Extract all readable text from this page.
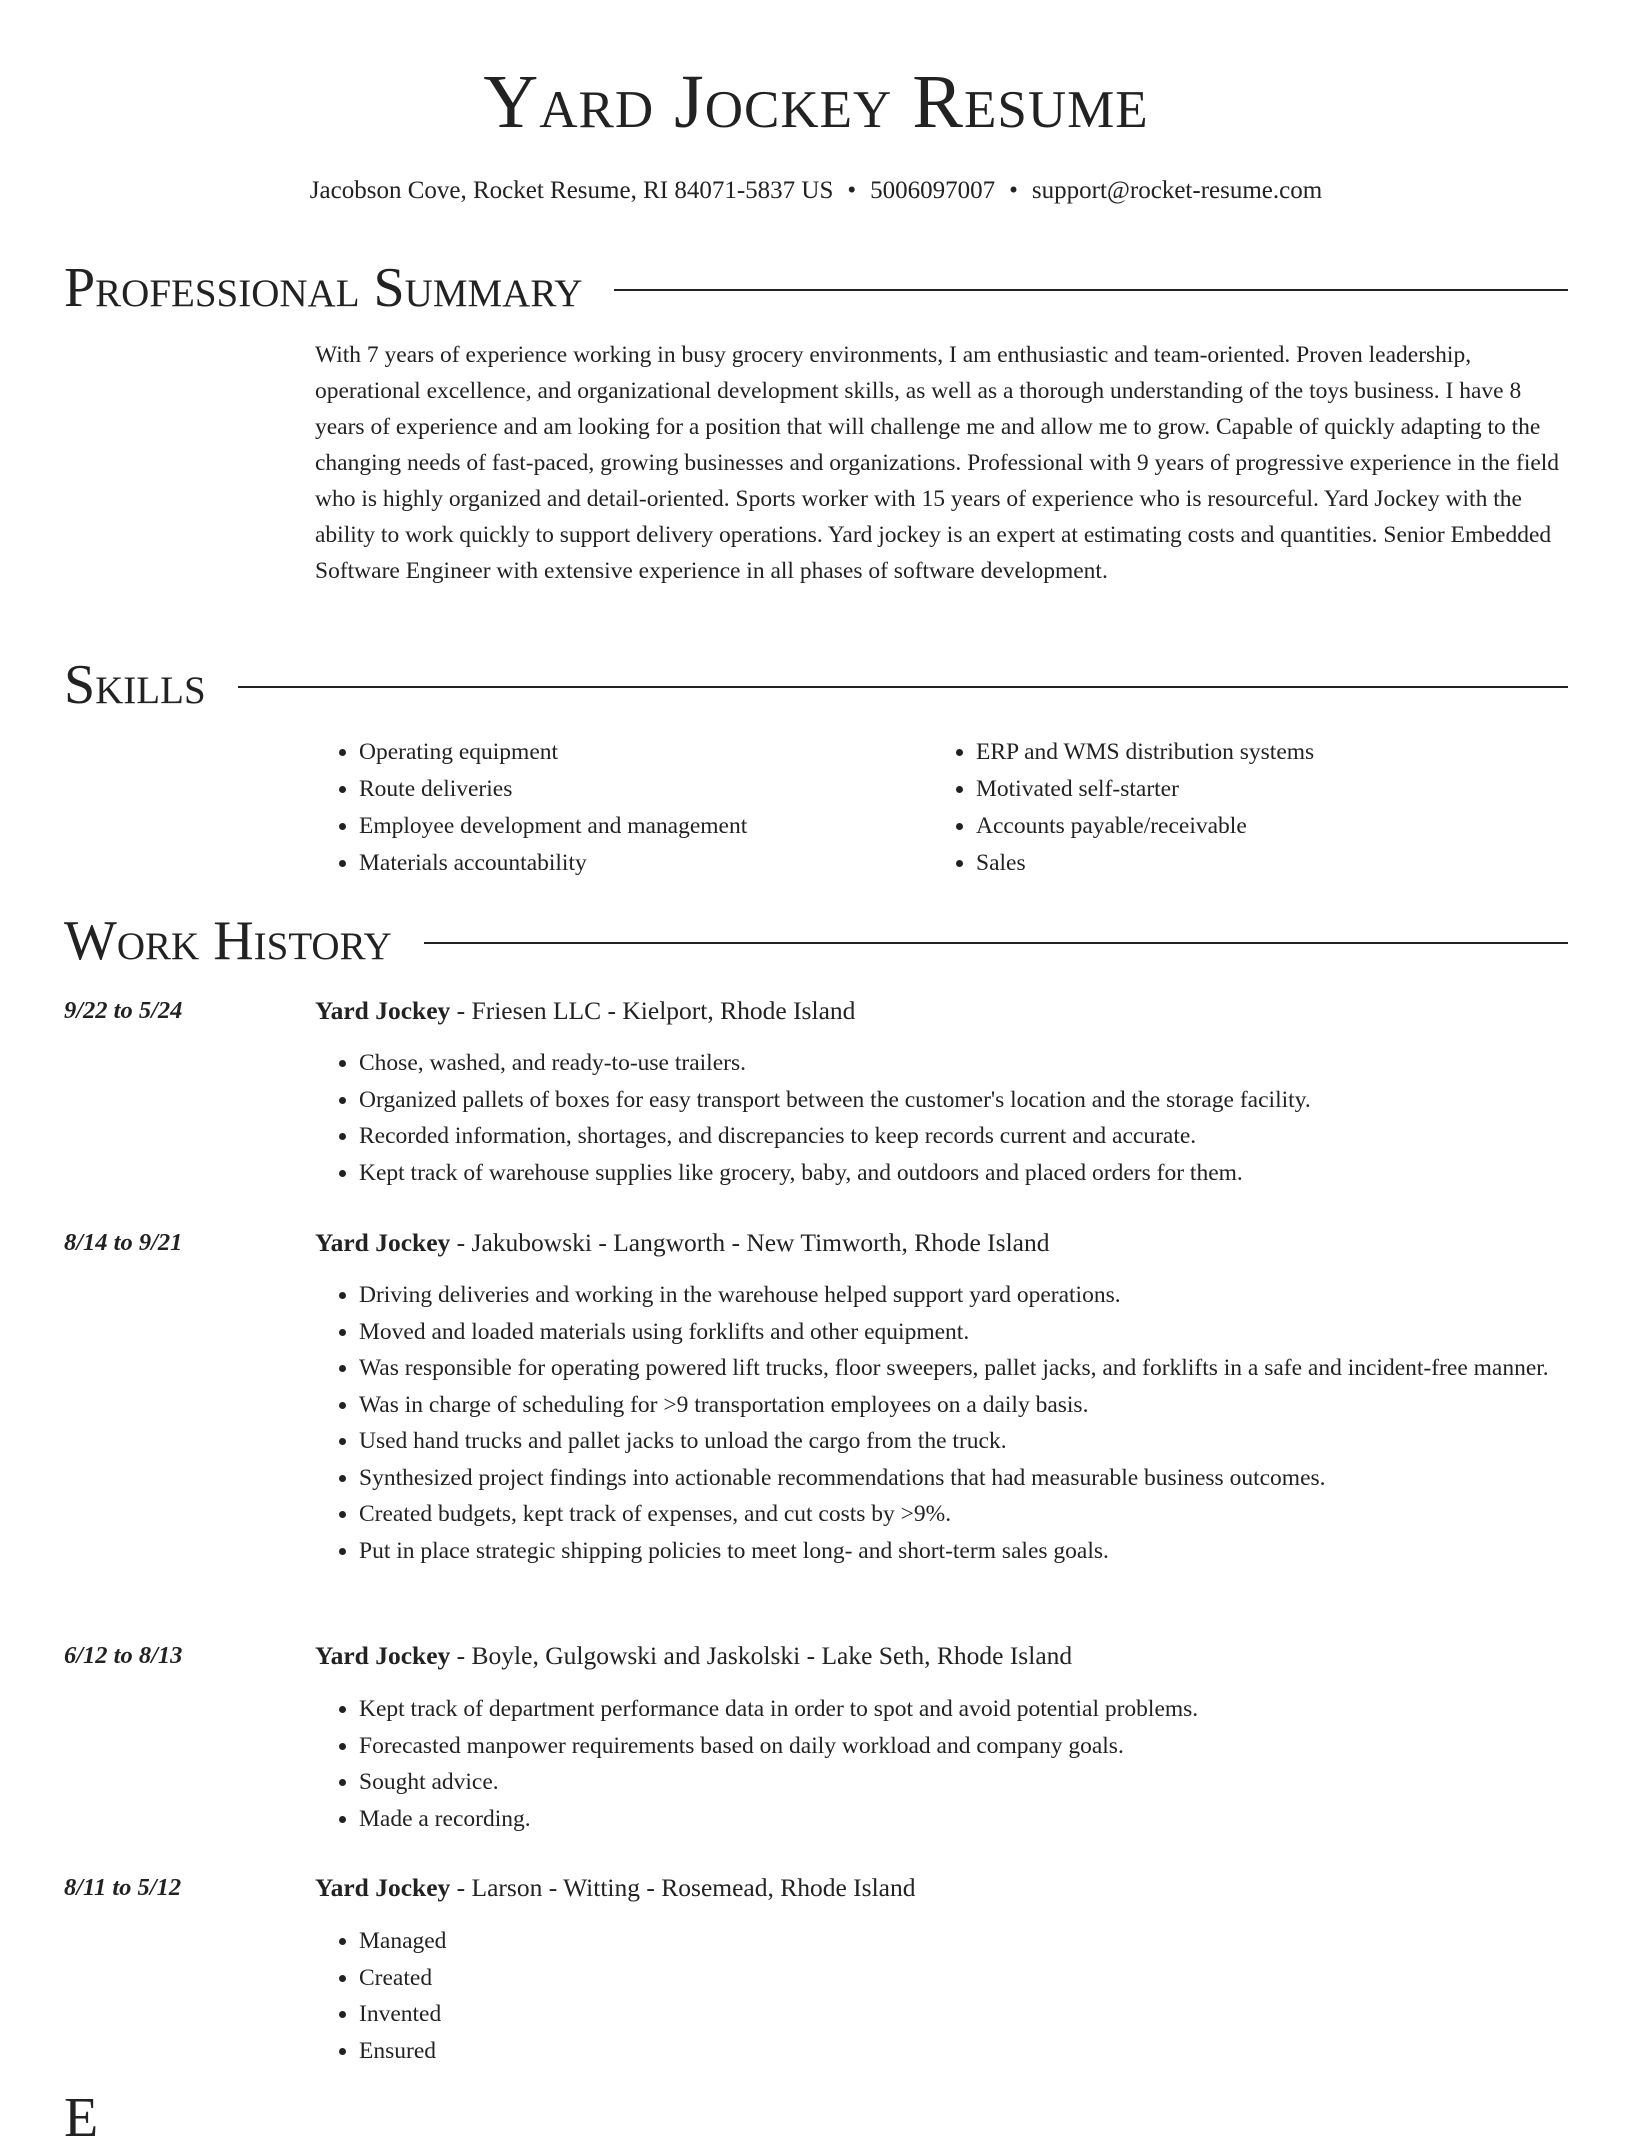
Yard Jockey Resume
Jacobson Cove, Rocket Resume, RI 84071-5837 US • 5006097007 • support@rocket-resume.com
Professional Summary

With 7 years of experience working in busy grocery environments, I am enthusiastic and team-oriented. Proven leadership, operational excellence, and organizational development skills, as well as a thorough understanding of the toys business. I have 8 years of experience and am looking for a position that will challenge me and allow me to grow. Capable of quickly adapting to the changing needs of fast-paced, growing businesses and organizations. Professional with 9 years of progressive experience in the field who is highly organized and detail-oriented. Sports worker with 15 years of experience who is resourceful. Yard Jockey with the ability to work quickly to support delivery operations. Yard jockey is an expert at estimating costs and quantities. Senior Embedded Software Engineer with extensive experience in all phases of software development.

Skills
• Operating equipment
• Route deliveries
• Employee development and management
• Materials accountability
• ERP and WMS distribution systems
• Motivated self-starter
• Accounts payable/receivable
• Sales
Work History
9/22 to 5/24	Yard Jockey - Friesen LLC - Kielport, Rhode Island
• Chose, washed, and ready-to-use trailers.
• Organized pallets of boxes for easy transport between the customer's location and the storage facility.
• Recorded information, shortages, and discrepancies to keep records current and accurate.
• Kept track of warehouse supplies like grocery, baby, and outdoors and placed orders for them.
8/14 to 9/21	Yard Jockey - Jakubowski - Langworth - New Timworth, Rhode Island
• Driving deliveries and working in the warehouse helped support yard operations.
• Moved and loaded materials using forklifts and other equipment.
• Was responsible for operating powered lift trucks, floor sweepers, pallet jacks, and forklifts in a safe and incident-free manner.
• Was in charge of scheduling for >9 transportation employees on a daily basis.
• Used hand trucks and pallet jacks to unload the cargo from the truck.
• Synthesized project findings into actionable recommendations that had measurable business outcomes.
• Created budgets, kept track of expenses, and cut costs by >9%.
• Put in place strategic shipping policies to meet long- and short-term sales goals.
6/12 to 8/13	Yard Jockey - Boyle, Gulgowski and Jaskolski - Lake Seth, Rhode Island
• Kept track of department performance data in order to spot and avoid potential problems.
• Forecasted manpower requirements based on daily workload and company goals.
• Sought advice.
• Made a recording.
8/11 to 5/12	Yard Jockey - Larson - Witting - Rosemead, Rhode Island
• Managed
• Created
• Invented
• Ensured
E
